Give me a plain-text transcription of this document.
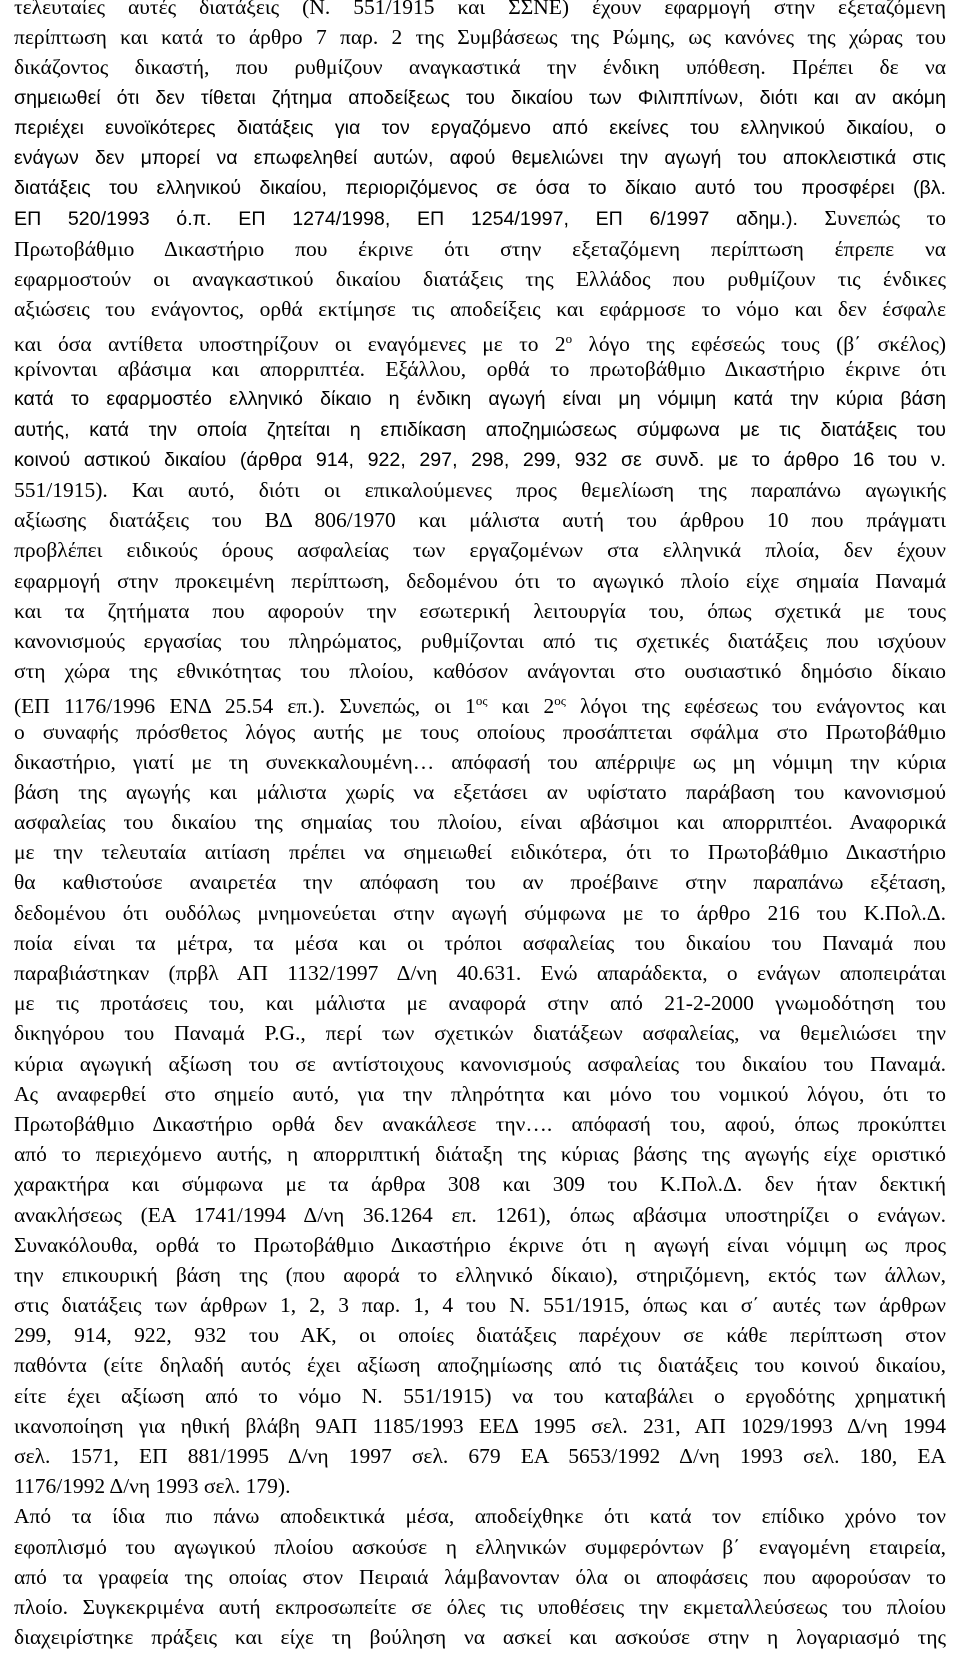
τελευταίες αυτές διατάξεις (Ν. 551/1915 και ΣΣΝΕ) έχουν εφαρμογή στην εξεταζόμενη
περίπτωση και κατά το άρθρο 7 παρ. 2 της Συμβάσεως της Ρώμης, ως κανόνες της χώρας του
δικάζοντος δικαστή, που ρυθμίζουν αναγκαστικά την ένδικη υπόθεση. Πρέπει δε να
σημειωθεί ότι δεν τίθεται ζήτημα αποδείξεως του δικαίου των Φιλιππίνων, διότι και αν ακόμη
περιέχει ευνοϊκότερες διατάξεις για τον εργαζόμενο από εκείνες του ελληνικού δικαίου, ο
ενάγων δεν μπορεί να επωφεληθεί αυτών, αφού θεμελιώνει την αγωγή του αποκλειστικά στις
διατάξεις του ελληνικού δικαίου, περιοριζόμενος σε όσα το δίκαιο αυτό του προσφέρει (βλ.
ΕΠ 520/1993 ό.π. ΕΠ 1274/1998, ΕΠ 1254/1997, ΕΠ 6/1997 αδημ.). Συνεπώς το
Πρωτοβάθμιο Δικαστήριο που έκρινε ότι στην εξεταζόμενη περίπτωση έπρεπε να
εφαρμοστούν οι αναγκαστικού δικαίου διατάξεις της Ελλάδος που ρυθμίζουν τις ένδικες
αξιώσεις του ενάγοντος, ορθά εκτίμησε τις αποδείξεις και εφάρμοσε το νόμο και δεν έσφαλε
και όσα αντίθετα υποστηρίζουν οι εναγόμενες με το $2^o$ λόγο της εφέσεώς τους (β΄ σκέλος)
κρίνονται αβάσιμα και απορριπτέα. Εξάλλου, ορθά το πρωτοβάθμιο Δικαστήριο έκρινε ότι
κατά το εφαρμοστέο ελληνικό δίκαιο η ένδικη αγωγή είναι μη νόμιμη κατά την κύρια βάση
αυτής, κατά την οποία ζητείται η επιδίκαση αποζημιώσεως σύμφωνα με τις διατάξεις του
κοινού αστικού δικαίου (άρθρα 914, 922, 297, 298, 299, 932 σε συνδ. με το άρθρο 16 του ν.
551/1915). Και αυτό, διότι οι επικαλούμενες προς θεμελίωση της παραπάνω αγωγικής
αξίωσης διατάξεις του ΒΔ 806/1970 και μάλιστα αυτή του άρθρου 10 που πράγματι
προβλέπει ειδικούς όρους ασφαλείας των εργαζομένων στα ελληνικά πλοία, δεν έχουν
εφαρμογή στην προκειμένη περίπτωση, δεδομένου ότι το αγωγικό πλοίο είχε σημαία Παναμά
και τα ζητήματα που αφορούν την εσωτερική λειτουργία του, όπως σχετικά με τους
κανονισμούς εργασίας του πληρώματος, ρυθμίζονται από τις σχετικές διατάξεις που ισχύουν
στη χώρα της εθνικότητας του πλοίου, καθόσον ανάγονται στο ουσιαστικό δημόσιο δίκαιο
(ΕΠ 1176/1996 ΕΝΔ 25.54 επ.). Συνεπώς, οι $1^{o\varsigma}$ και $2^{o\varsigma}$ λόγοι της εφέσεως του ενάγοντος και
ο συναφής πρόσθετος λόγος αυτής με τους οποίους προσάπτεται σφάλμα στο Πρωτοβάθμιο
δικαστήριο, γιατί με τη συνεκκαλουμένη… απόφασή του απέρριψε ως μη νόμιμη την κύρια
βάση της αγωγής και μάλιστα χωρίς να εξετάσει αν υφίστατο παράβαση του κανονισμού
ασφαλείας του δικαίου της σημαίας του πλοίου, είναι αβάσιμοι και απορριπτέοι. Αναφορικά
με την τελευταία αιτίαση πρέπει να σημειωθεί ειδικότερα, ότι το Πρωτοβάθμιο Δικαστήριο
θα καθιστούσε αναιρετέα την απόφαση του αν προέβαινε στην παραπάνω εξέταση,
δεδομένου ότι ουδόλως μνημονεύεται στην αγωγή σύμφωνα με το άρθρο 216 του Κ.Πολ.Δ.
ποία είναι τα μέτρα, τα μέσα και οι τρόποι ασφαλείας του δικαίου του Παναμά που
παραβιάστηκαν (πρβλ ΑΠ 1132/1997 Δ/νη 40.631. Ενώ απαράδεκτα, ο ενάγων αποπειράται
με τις προτάσεις του, και μάλιστα με αναφορά στην από 21-2-2000 γνωμοδότηση του
δικηγόρου του Παναμά P.G., περί των σχετικών διατάξεων ασφαλείας, να θεμελιώσει την
κύρια αγωγική αξίωση του σε αντίστοιχους κανονισμούς ασφαλείας του δικαίου του Παναμά.
Ας αναφερθεί στο σημείο αυτό, για την πληρότητα και μόνο του νομικού λόγου, ότι το
Πρωτοβάθμιο Δικαστήριο ορθά δεν ανακάλεσε την…. απόφασή του, αφού, όπως προκύπτει
από το περιεχόμενο αυτής, η απορριπτική διάταξη της κύριας βάσης της αγωγής είχε οριστικό
χαρακτήρα και σύμφωνα με τα άρθρα 308 και 309 του Κ.Πολ.Δ. δεν ήταν δεκτική
ανακλήσεως (ΕΑ 1741/1994 Δ/νη 36.1264 επ. 1261), όπως αβάσιμα υποστηρίζει ο ενάγων.
Συνακόλουθα, ορθά το Πρωτοβάθμιο Δικαστήριο έκρινε ότι η αγωγή είναι νόμιμη ως προς
την επικουρική βάση της (που αφορά το ελληνικό δίκαιο), στηριζόμενη, εκτός των άλλων,
στις διατάξεις των άρθρων 1, 2, 3 παρ. 1, 4 του Ν. 551/1915, όπως και σ΄ αυτές των άρθρων
299, 914, 922, 932 του ΑΚ, οι οποίες διατάξεις παρέχουν σε κάθε περίπτωση στον
παθόντα (είτε δηλαδή αυτός έχει αξίωση αποζημίωσης από τις διατάξεις του κοινού δικαίου,
είτε έχει αξίωση από το νόμο Ν. 551/1915) να του καταβάλει ο εργοδότης χρηματική
ικανοποίηση για ηθική βλάβη 9ΑΠ 1185/1993 ΕΕΔ 1995 σελ. 231, ΑΠ 1029/1993 Δ/νη 1994
σελ. 1571, ΕΠ 881/1995 Δ/νη 1997 σελ. 679 ΕΑ 5653/1992 Δ/νη 1993 σελ. 180, ΕΑ
1176/1992 Δ/νη 1993 σελ. 179).
Από τα ίδια πιο πάνω αποδεικτικά μέσα, αποδείχθηκε ότι κατά τον επίδικο χρόνο τον
εφοπλισμό του αγωγικού πλοίου ασκούσε η ελληνικών συμφερόντων β΄ εναγομένη εταιρεία,
από τα γραφεία της οποίας στον Πειραιά λάμβανονταν όλα οι αποφάσεις που αφορούσαν το
πλοίο. Συγκεκριμένα αυτή εκπροσωπείτε σε όλες τις υποθέσεις την εκμεταλλεύσεως του πλοίου
διαχειρίστηκε πράξεις και είχε τη βούληση να ασκεί και ασκούσε στην η λογαριασμό της
